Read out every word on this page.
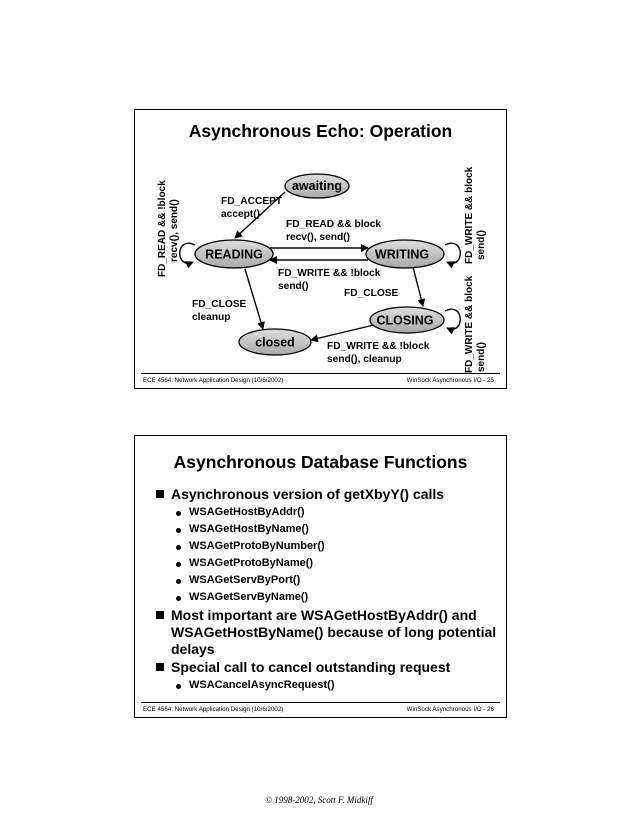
Asynchronous Echo: Operation
awaiting
READING	WRITING
CLOSING
closed
FD_ACCEPT
accept()
FD_READ && block
recv(), send()
FD_WRITE && !block
send()
FD_CLOSE
cleanup
FD_CLOSE
FD_WRITE && !block
send(), cleanup
FD_READ && !block recv(), send()	FD_WRITE && block send()
FD_WRITE && block send()
ECE 4564: Network Application Design (10/6/2002)	WinSock Asynchronous I/O - 25
Asynchronous Database Functions
Asynchronous version of getXbyY() calls
WSAGetHostByAddr()
WSAGetHostByName()
WSAGetProtoByNumber()
WSAGetProtoByName()
WSAGetServByPort()
WSAGetServByName()
Most important are WSAGetHostByAddr() and WSAGetHostByName() because of long potential delays
Special call to cancel outstanding request
WSACancelAsyncRequest()
ECE 4564: Network Application Design (10/6/2002)	WinSock Asynchronous I/O - 26
© 1998-2002, Scott F. Midkiff
